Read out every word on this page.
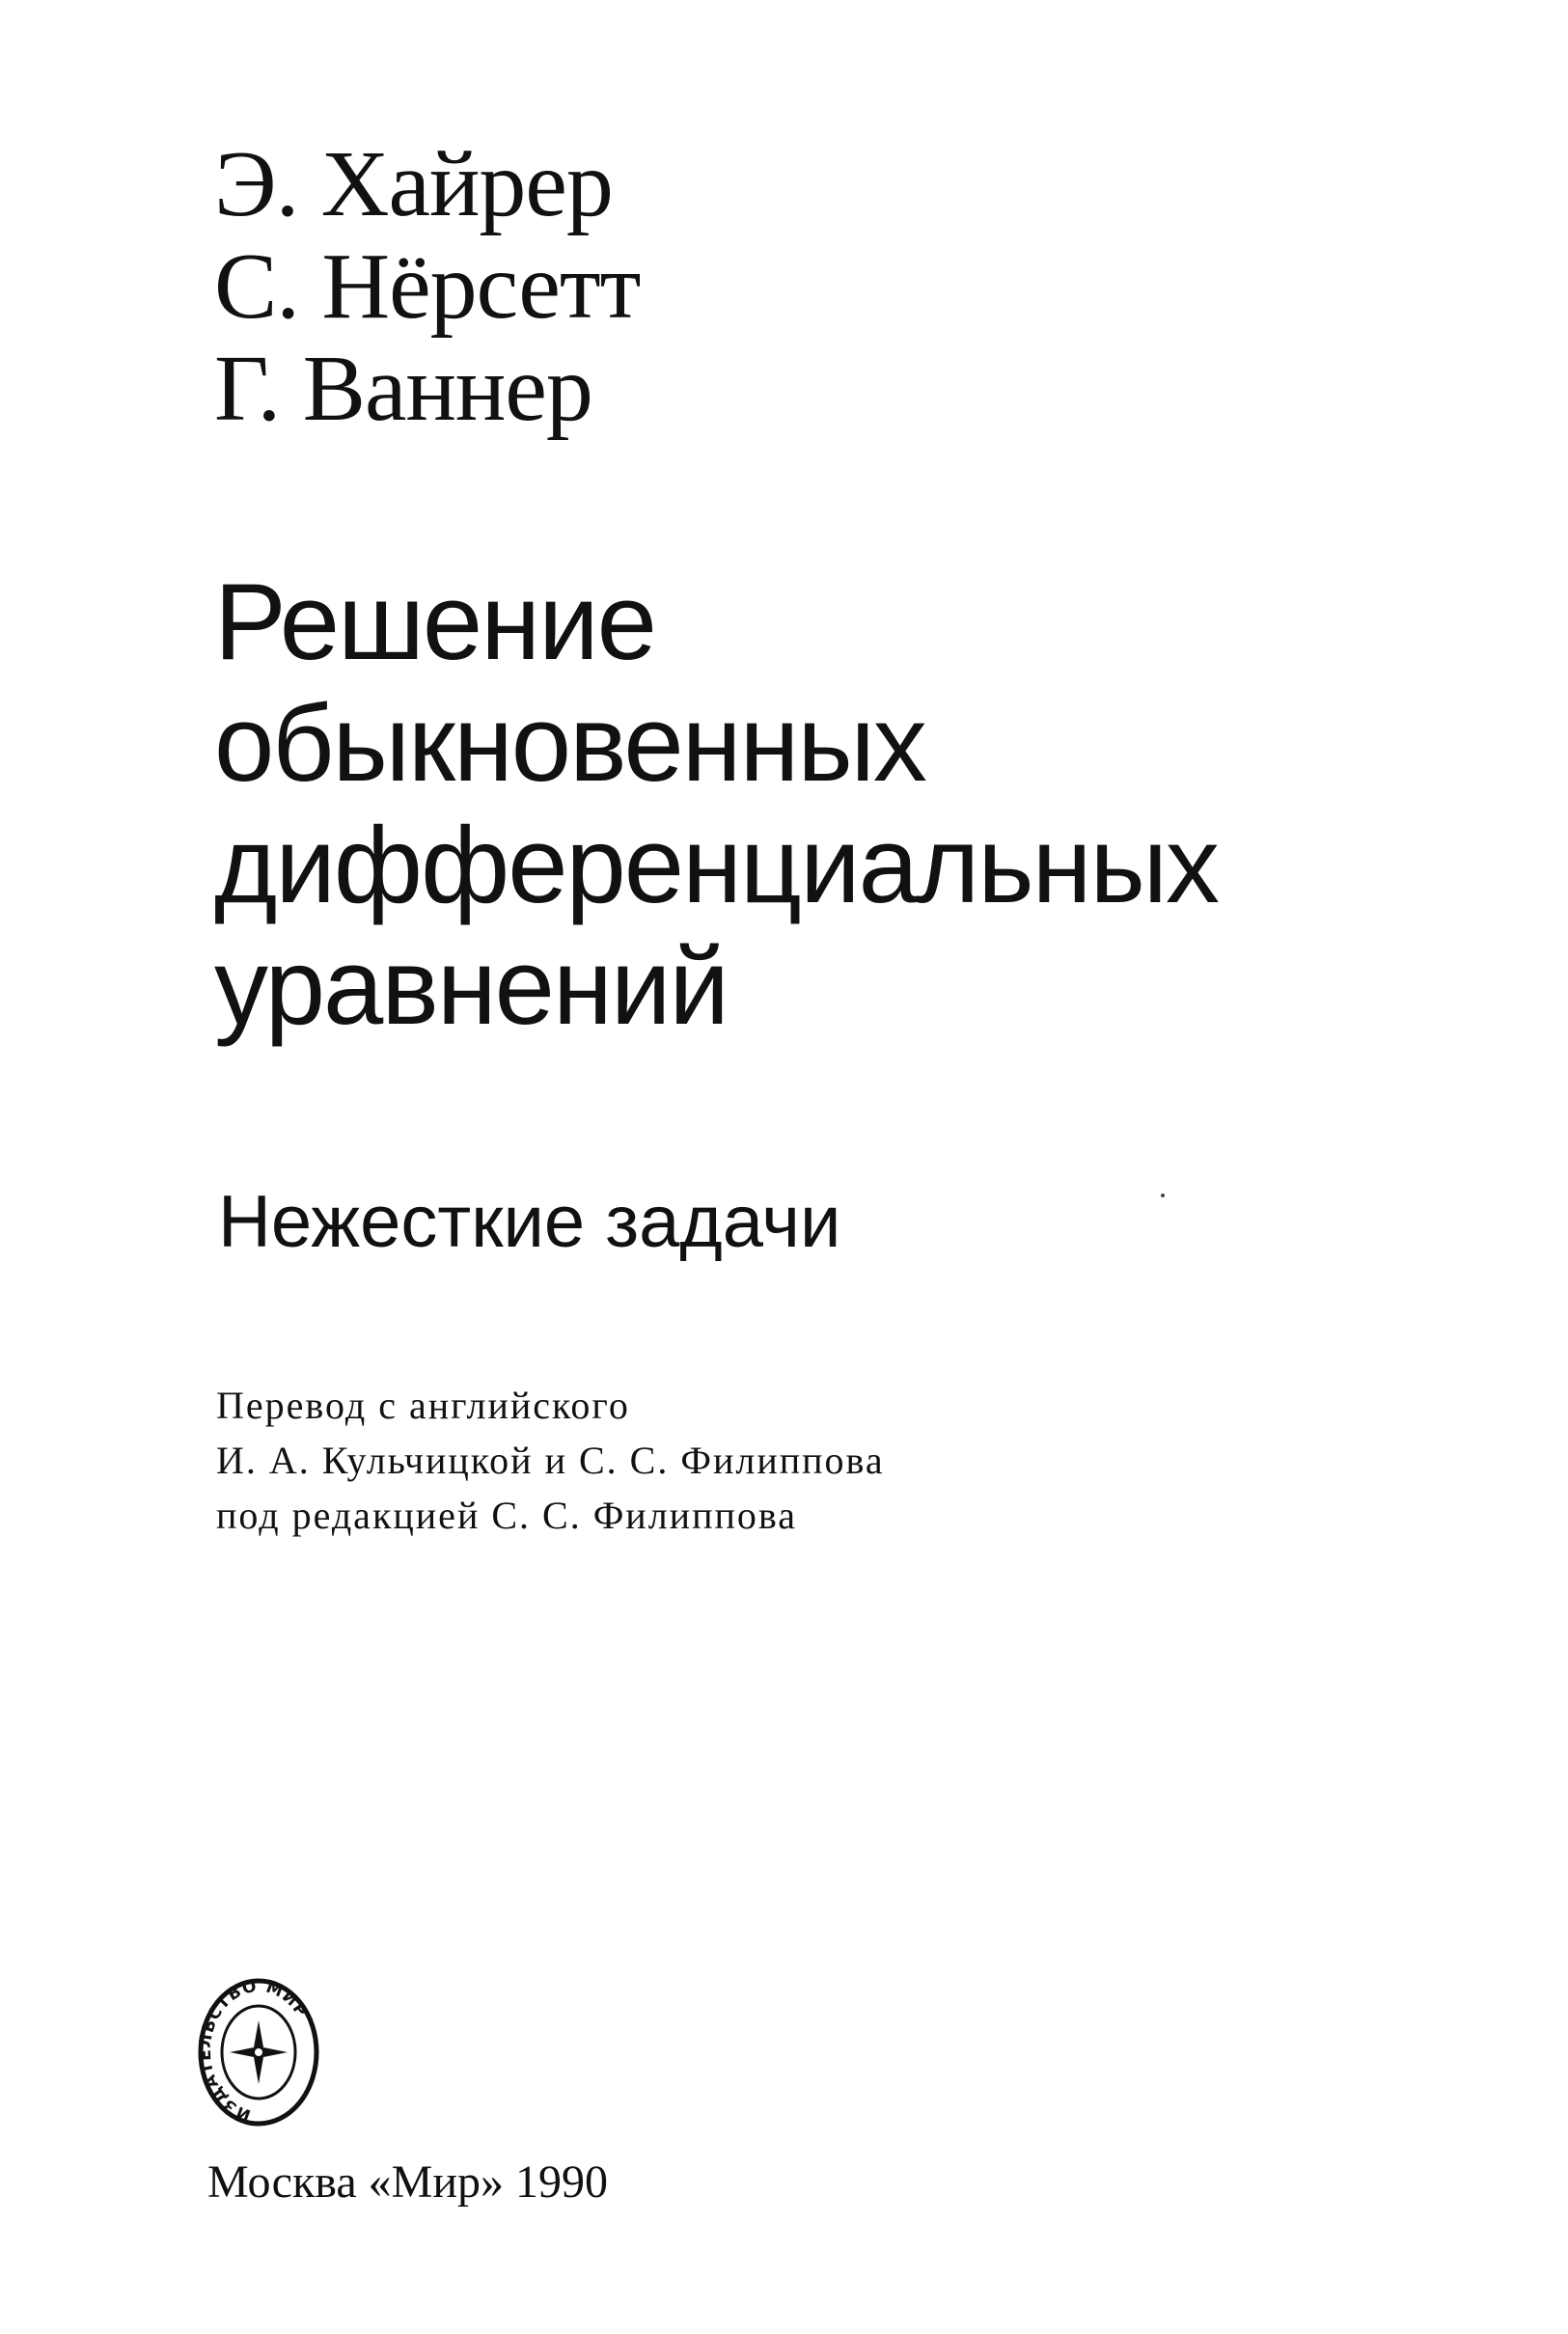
Э. Хайрер
С. Нёрсетт
Г. Ваннер
Решение
обыкновенных
дифференциальных
уравнений
Нежесткие задачи
Перевод с английского
И. А. Кульчицкой и С. С. Филиппова
под редакцией С. С. Филиппова
ИЗДАТ ЛЬСТВО МИР
Москва «Мир» 1990
